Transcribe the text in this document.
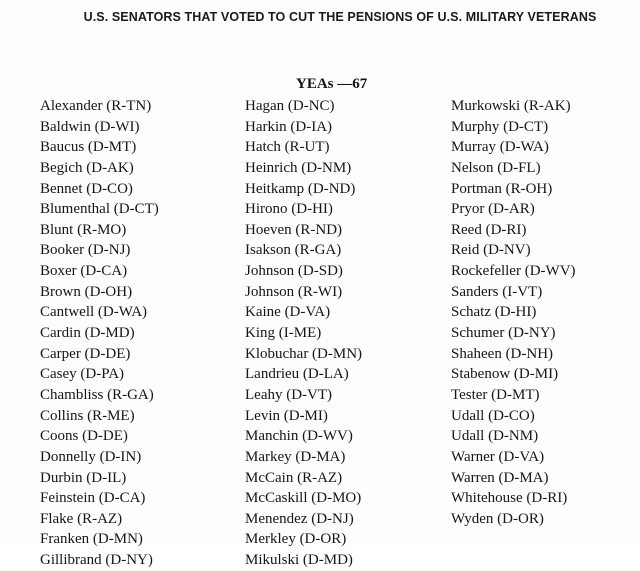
U.S. SENATORS THAT VOTED TO CUT THE PENSIONS OF U.S. MILITARY VETERANS
YEAs —67
Alexander (R-TN)
Baldwin (D-WI)
Baucus (D-MT)
Begich (D-AK)
Bennet (D-CO)
Blumenthal (D-CT)
Blunt (R-MO)
Booker (D-NJ)
Boxer (D-CA)
Brown (D-OH)
Cantwell (D-WA)
Cardin (D-MD)
Carper (D-DE)
Casey (D-PA)
Chambliss (R-GA)
Collins (R-ME)
Coons (D-DE)
Donnelly (D-IN)
Durbin (D-IL)
Feinstein (D-CA)
Flake (R-AZ)
Franken (D-MN)
Gillibrand (D-NY)
Hagan (D-NC)
Harkin (D-IA)
Hatch (R-UT)
Heinrich (D-NM)
Heitkamp (D-ND)
Hirono (D-HI)
Hoeven (R-ND)
Isakson (R-GA)
Johnson (D-SD)
Johnson (R-WI)
Kaine (D-VA)
King (I-ME)
Klobuchar (D-MN)
Landrieu (D-LA)
Leahy (D-VT)
Levin (D-MI)
Manchin (D-WV)
Markey (D-MA)
McCain (R-AZ)
McCaskill (D-MO)
Menendez (D-NJ)
Merkley (D-OR)
Mikulski (D-MD)
Murkowski (R-AK)
Murphy (D-CT)
Murray (D-WA)
Nelson (D-FL)
Portman (R-OH)
Pryor (D-AR)
Reed (D-RI)
Reid (D-NV)
Rockefeller (D-WV)
Sanders (I-VT)
Schatz (D-HI)
Schumer (D-NY)
Shaheen (D-NH)
Stabenow (D-MI)
Tester (D-MT)
Udall (D-CO)
Udall (D-NM)
Warner (D-VA)
Warren (D-MA)
Whitehouse (D-RI)
Wyden (D-OR)
